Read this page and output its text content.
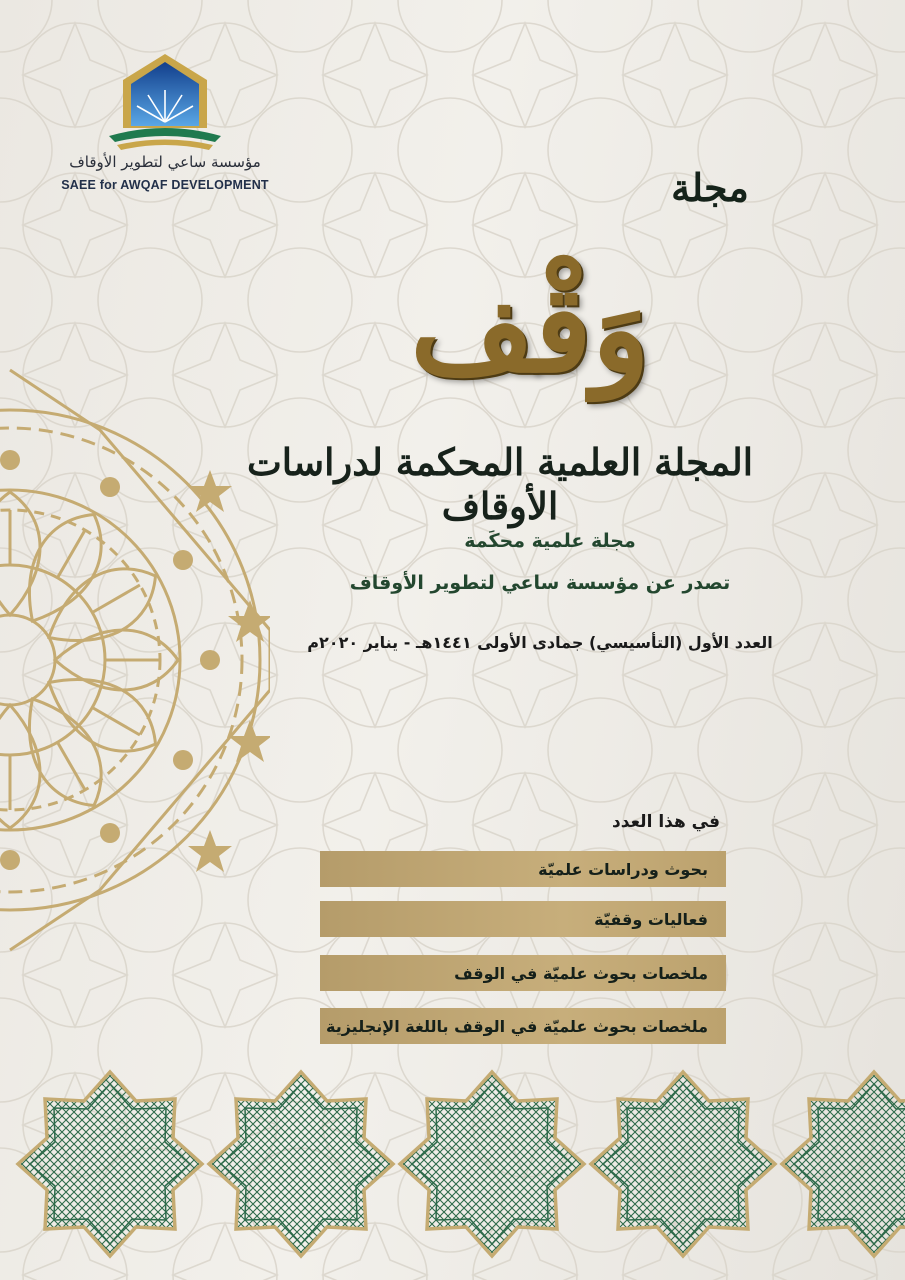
مؤسسة ساعي لتطوير الأوقاف
SAEE for AWQAF DEVELOPMENT	مجلة
وَقْف
المجلة العلمية المحكمة لدراسات الأوقاف
مجلة علمية محكَمة
تصدر عن مؤسسة ساعي لتطوير الأوقاف
العدد الأول (التأسيسي) جمادى الأولى ١٤٤١هـ - يناير ٢٠٢٠م
في هذا العدد
بحوث ودراسات علميّة
فعاليات وقفيّة
ملخصات بحوث علميّة في الوقف
ملخصات بحوث علميّة في الوقف باللغة الإنجليزية
